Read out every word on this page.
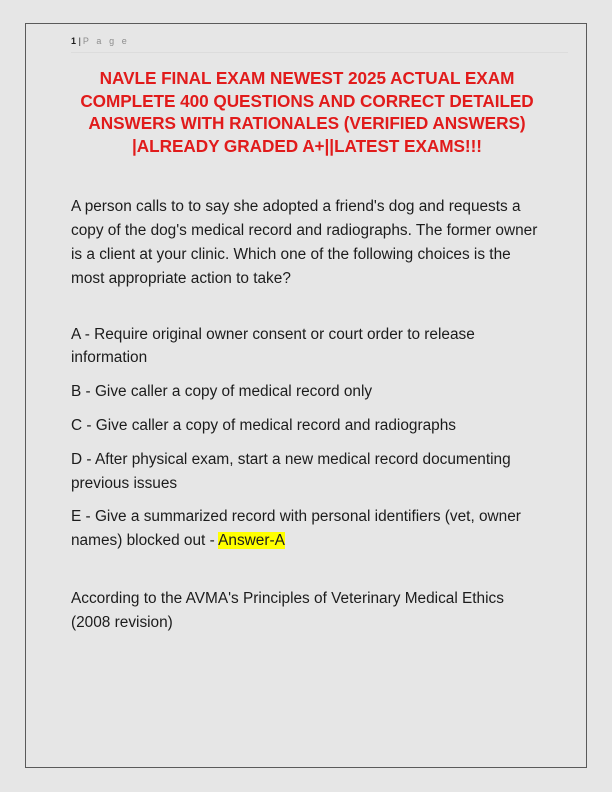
1 | P a g e
NAVLE FINAL EXAM NEWEST 2025 ACTUAL EXAM COMPLETE 400 QUESTIONS AND CORRECT DETAILED ANSWERS WITH RATIONALES (VERIFIED ANSWERS) |ALREADY GRADED A+||LATEST EXAMS!!!

A person calls to to say she adopted a friend's dog and requests a copy of the dog's medical record and radiographs. The former owner is a client at your clinic. Which one of the following choices is the most appropriate action to take?

A - Require original owner consent or court order to release information

B - Give caller a copy of medical record only

C - Give caller a copy of medical record and radiographs

D - After physical exam, start a new medical record documenting previous issues

E - Give a summarized record with personal identifiers (vet, owner names) blocked out - Answer-A

According to the AVMA's Principles of Veterinary Medical Ethics (2008 revision)
